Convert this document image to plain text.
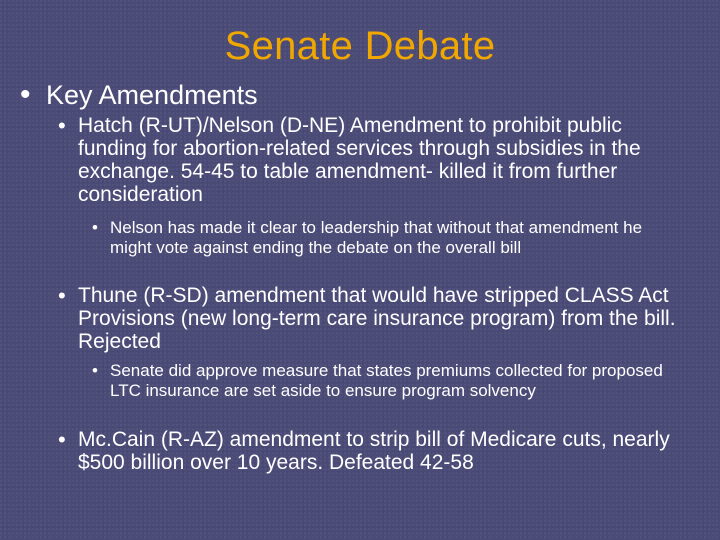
Senate Debate
• Key Amendments
• Hatch (R-UT)/Nelson (D-NE) Amendment to prohibit public funding for abortion-related services through subsidies in the exchange. 54-45 to table amendment- killed it from further consideration
• Nelson has made it clear to leadership that without that amendment he might vote against ending the debate on the overall bill
• Thune (R-SD) amendment that would have stripped CLASS Act Provisions (new long-term care insurance program) from the bill. Rejected
• Senate did approve measure that states premiums collected for proposed LTC insurance are set aside to ensure program solvency
• Mc.Cain (R-AZ) amendment to strip bill of Medicare cuts, nearly $500 billion over 10 years. Defeated 42-58
